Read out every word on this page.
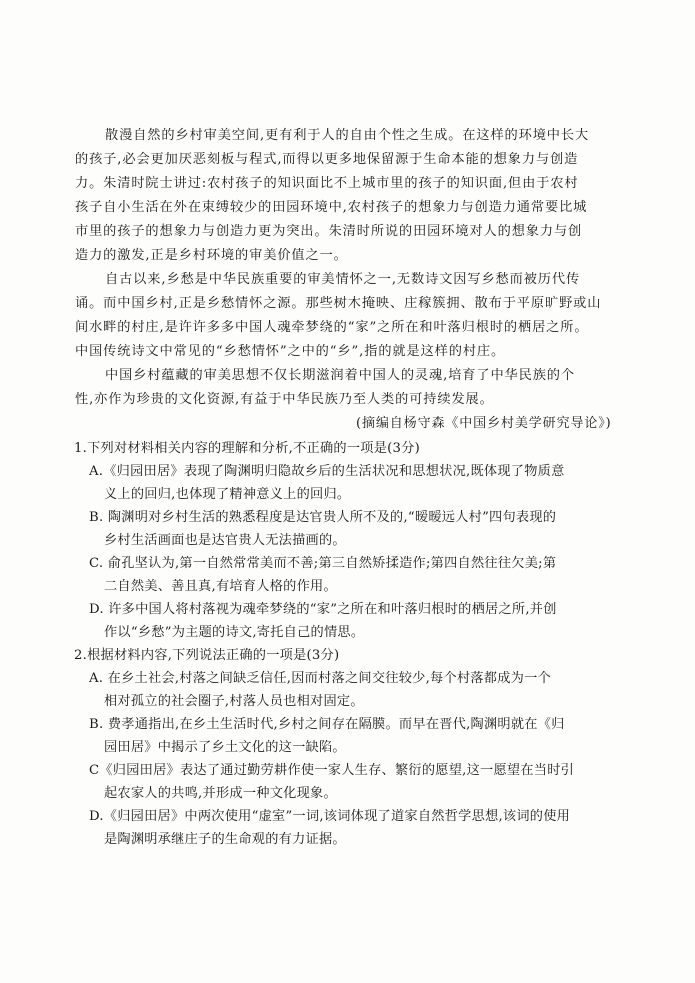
散漫自然的乡村审美空间,更有利于人的自由个性之生成。在这样的环境中长大
的孩子,必会更加厌恶刻板与程式,而得以更多地保留源于生命本能的想象力与创造
力。朱清时院士讲过:农村孩子的知识面比不上城市里的孩子的知识面,但由于农村
孩子自小生活在外在束缚较少的田园环境中,农村孩子的想象力与创造力通常要比城
市里的孩子的想象力与创造力更为突出。朱清时所说的田园环境对人的想象力与创
造力的激发,正是乡村环境的审美价值之一。
自古以来,乡愁是中华民族重要的审美情怀之一,无数诗文因写乡愁而被历代传
诵。而中国乡村,正是乡愁情怀之源。那些树木掩映、庄稼簇拥、散布于平原旷野或山
间水畔的村庄,是许许多多中国人魂牵梦绕的“家”之所在和叶落归根时的栖居之所。
中国传统诗文中常见的“乡愁情怀”之中的“乡”,指的就是这样的村庄。
中国乡村蕴藏的审美思想不仅长期滋润着中国人的灵魂,培育了中华民族的个
性,亦作为珍贵的文化资源,有益于中华民族乃至人类的可持续发展。
(摘编自杨守森《中国乡村美学研究导论》)
1.下列对材料相关内容的理解和分析,不正确的一项是(3分)
A.《归园田居》表现了陶渊明归隐故乡后的生活状况和思想状况,既体现了物质意
义上的回归,也体现了精神意义上的回归。
B. 陶渊明对乡村生活的熟悉程度是达官贵人所不及的,“暧暧远人村”四句表现的
乡村生活画面也是达官贵人无法描画的。
C. 俞孔坚认为,第一自然常常美而不善;第三自然矫揉造作;第四自然往往欠美;第
二自然美、善且真,有培育人格的作用。
D. 许多中国人将村落视为魂牵梦绕的“家”之所在和叶落归根时的栖居之所,并创
作以“乡愁”为主题的诗文,寄托自己的情思。
2.根据材料内容,下列说法正确的一项是(3分)
A. 在乡土社会,村落之间缺乏信任,因而村落之间交往较少,每个村落都成为一个
相对孤立的社会圈子,村落人员也相对固定。
B. 费孝通指出,在乡土生活时代,乡村之间存在隔膜。而早在晋代,陶渊明就在《归
园田居》中揭示了乡土文化的这一缺陷。
C《归园田居》表达了通过勤劳耕作使一家人生存、繁衍的愿望,这一愿望在当时引
起农家人的共鸣,并形成一种文化现象。
D.《归园田居》中两次使用“虚室”一词,该词体现了道家自然哲学思想,该词的使用
是陶渊明承继庄子的生命观的有力证据。
